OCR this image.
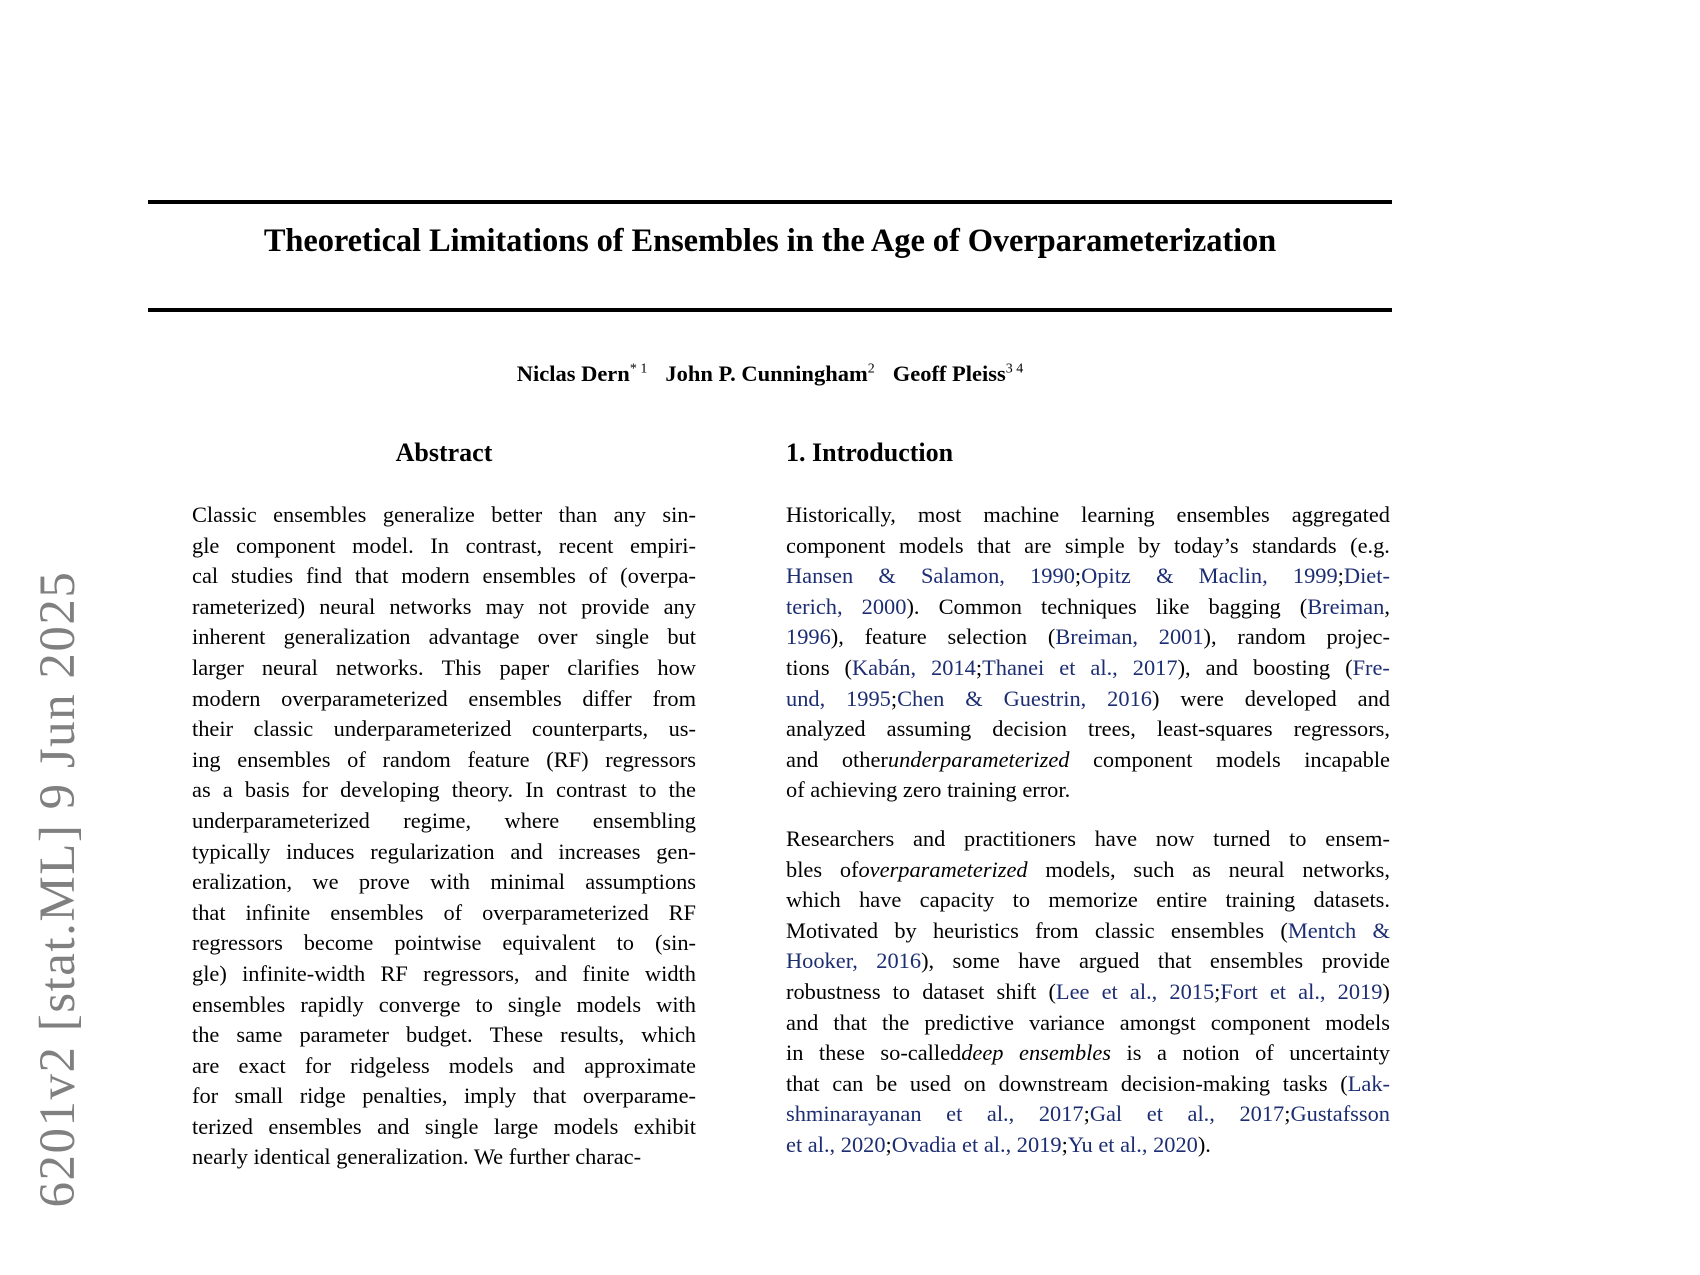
6201v2 [stat.ML] 9 Jun 2025
Theoretical Limitations of Ensembles in the Age of Overparameterization
Niclas Dern$^{* 1}$ John P. Cunningham$^2$ Geoff Pleiss$^{3 4}$
Abstract
Classic ensembles generalize better than any sin-
gle component model. In contrast, recent empiri-
cal studies find that modern ensembles of (overpa-
rameterized) neural networks may not provide any
inherent generalization advantage over single but
larger neural networks. This paper clarifies how
modern overparameterized ensembles differ from
their classic underparameterized counterparts, us-
ing ensembles of random feature (RF) regressors
as a basis for developing theory. In contrast to the
underparameterized regime, where ensembling
typically induces regularization and increases gen-
eralization, we prove with minimal assumptions
that infinite ensembles of overparameterized RF
regressors become pointwise equivalent to (sin-
gle) infinite-width RF regressors, and finite width
ensembles rapidly converge to single models with
the same parameter budget. These results, which
are exact for ridgeless models and approximate
for small ridge penalties, imply that overparame-
terized ensembles and single large models exhibit
nearly identical generalization. We further charac-
1. Introduction
Historically, most machine learning ensembles aggregated
component models that are simple by today’s standards (e.g.
Hansen & Salamon, 1990;Opitz & Maclin, 1999;Diet-
terich, 2000). Common techniques like bagging (Breiman,
1996), feature selection (Breiman, 2001), random projec-
tions (Kabán, 2014;Thanei et al., 2017), and boosting (Fre-
und, 1995;Chen & Guestrin, 2016) were developed and
analyzed assuming decision trees, least-squares regressors,
and otherunderparameterized component models incapable
of achieving zero training error.
Researchers and practitioners have now turned to ensem-
bles ofoverparameterized models, such as neural networks,
which have capacity to memorize entire training datasets.
Motivated by heuristics from classic ensembles (Mentch &
Hooker, 2016), some have argued that ensembles provide
robustness to dataset shift (Lee et al., 2015;Fort et al., 2019)
and that the predictive variance amongst component models
in these so-calleddeep ensembles is a notion of uncertainty
that can be used on downstream decision-making tasks (Lak-
shminarayanan et al., 2017;Gal et al., 2017;Gustafsson
et al., 2020;Ovadia et al., 2019;Yu et al., 2020).
